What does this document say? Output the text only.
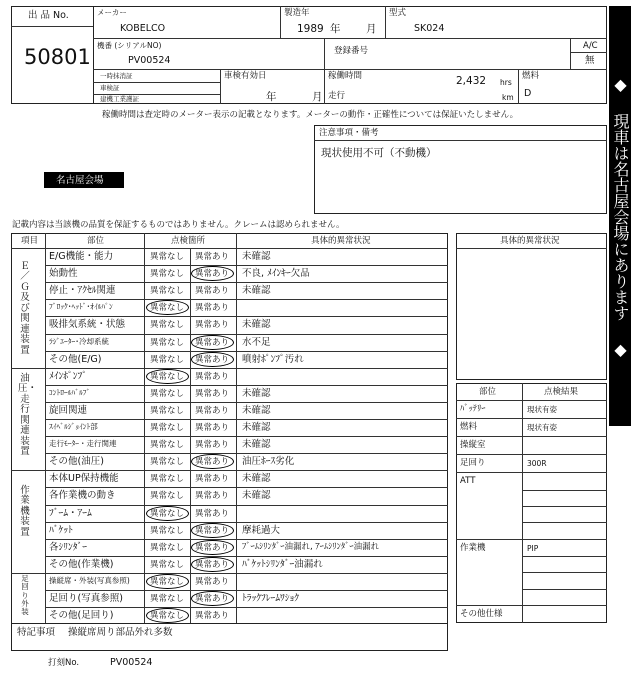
出 品 No.
50801
メーカー
KOBELCO
製造年
1989 年 月
型式
SK024
機番 (シリアルNO)
PV00524
登録番号	A/C
無
一時抹消証
車検証
建機工業護証
車検有効日
年	月
稼働時間	2,432 hrs
走行	km
燃料
D
稼働時間は査定時のメーター表示の記載となります。メーターの動作・正確性については保証いたしません。
注意事項・備考
現状使用不可（不動機）
名古屋会場
記載内容は当該機の品質を保証するものではありません。クレームは認められません。	◆ 現車は名古屋会場にあります ◆
項目	部位	点検箇所	具体的異常状況
Ｅ／Ｇ及び関連装置
油圧・走行関連装置
作業機装置
足回り外装
E/G機能・能力	異常なし 異常あり 未確認
始動性	異常なし 異常あり 不良, ﾒｲﾝｷｰ欠品
停止・ｱｸｾﾙ関連	異常なし 異常あり 未確認
ﾌﾞﾛｯｸ･ﾍｯﾄﾞ･ｵｲﾙﾊﾟﾝ	異常なし 異常あり
吸排気系統・状態	異常なし 異常あり 未確認
ﾗｼﾞｴｰﾀｰ･冷却系統	異常なし 異常あり 水不足
その他(E/G)	異常なし 異常あり 噴射ﾎﾟﾝﾌﾟ汚れ
ﾒｲﾝﾎﾟﾝﾌﾟ	異常なし 異常あり
ｺﾝﾄﾛｰﾙﾊﾞﾙﾌﾞ	異常なし 異常あり 未確認
旋回関連	異常なし 異常あり 未確認
ｽｲﾍﾞﾙｼﾞｮｲﾝﾄ部	異常なし 異常あり 未確認
走行ﾓｰﾀｰ・走行関連	異常なし 異常あり 未確認
その他(油圧)	異常なし 異常あり 油圧ﾎｰｽ劣化
本体UP保持機能	異常なし 異常あり 未確認
各作業機の動き	異常なし 異常あり 未確認
ﾌﾞｰﾑ・ｱｰﾑ	異常なし 異常あり
ﾊﾞｹｯﾄ	異常なし 異常あり 摩耗過大
各ｼﾘﾝﾀﾞｰ	異常なし 異常あり ﾌﾞｰﾑｼﾘﾝﾀﾞｰ油漏れ, ｱｰﾑｼﾘﾝﾀﾞｰ油漏れ
その他(作業機)	異常なし 異常あり ﾊﾞｹｯﾄｼﾘﾝﾀﾞｰ油漏れ
操縦席・外装(写真参照) 異常なし 異常あり
足回り(写真参照)	異常なし 異常あり ﾄﾗｯｸﾌﾚｰﾑﾜｼｮｸ
その他(足回り)	異常なし 異常あり
具体的異常状況
部位	点検結果
ﾊﾞｯﾃﾘｰ	現状有姿
燃料	現状有姿
操縦室
足回り	300R
ATT
作業機	PIP
その他仕様
特記事項 操縦席周り部品外れ多数
打刻No.	PV00524
